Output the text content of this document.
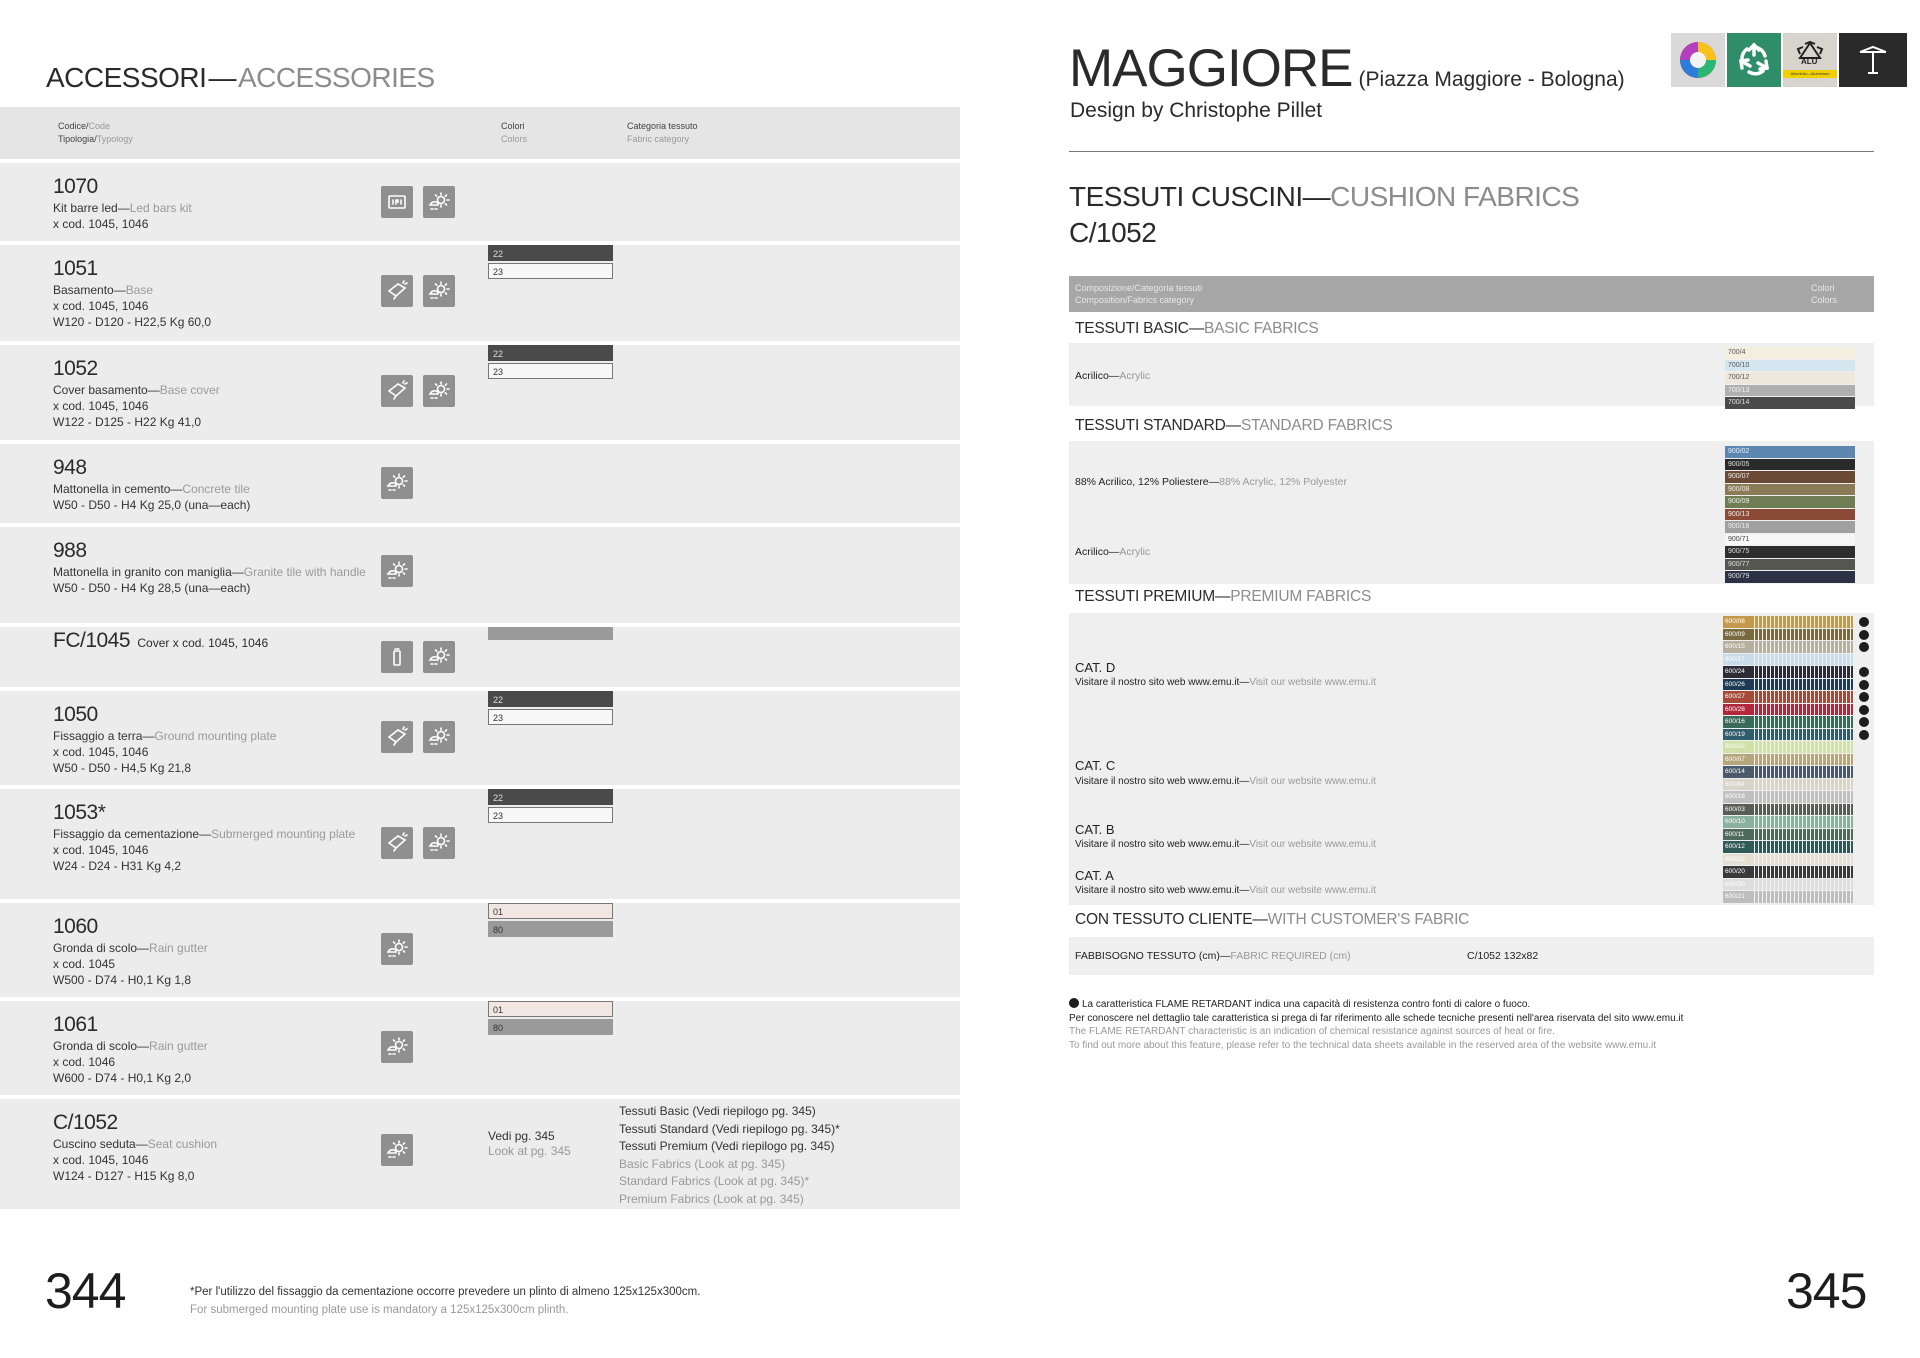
ACCESSORI—ACCESSORIES
Codice/Code
Tipologia/Typology
Colori
Colors
Categoria tessuto
Fabric category
1070
Kit barre led—Led bars kit
x cod. 1045, 1046
1051
Basamento—Base
x cod. 1045, 1046
W120 - D120 - H22,5 Kg 60,0
22
23
1052
Cover basamento—Base cover
x cod. 1045, 1046
W122 - D125 - H22 Kg 41,0
22
23
948
Mattonella in cemento—Concrete tile
W50 - D50 - H4 Kg 25,0 (una—each)
988
Mattonella in granito con maniglia—Granite tile with handle
W50 - D50 - H4 Kg 28,5 (una—each)
FC/1045 Cover x cod. 1045, 1046
1050
Fissaggio a terra—Ground mounting plate
x cod. 1045, 1046
W50 - D50 - H4,5 Kg 21,8
22
23
1053*
Fissaggio da cementazione—Submerged mounting plate
x cod. 1045, 1046
W24 - D24 - H31 Kg 4,2
22
23
1060
Gronda di scolo—Rain gutter
x cod. 1045
W500 - D74 - H0,1 Kg 1,8
01
80
1061
Gronda di scolo—Rain gutter
x cod. 1046
W600 - D74 - H0,1 Kg 2,0
01
80
C/1052
Cuscino seduta—Seat cushion
x cod. 1045, 1046
W124 - D127 - H15 Kg 8,0
Vedi pg. 345
Look at pg. 345
Tessuti Basic (Vedi riepilogo pg. 345)
Tessuti Standard (Vedi riepilogo pg. 345)*
Tessuti Premium (Vedi riepilogo pg. 345)
Basic Fabrics (Look at pg. 345)
Standard Fabrics (Look at pg. 345)*
Premium Fabrics (Look at pg. 345)
344	*Per l'utilizzo del fissaggio da cementazione occorre prevedere un plinto di almeno 125x125x300cm.
For submerged mounting plate use is mandatory a 125x125x300cm plinth.
MAGGIORE (Piazza Maggiore - Bologna)
Design by Christophe Pillet
ALU
Alluminio—Aluminium
TESSUTI CUSCINI—CUSHION FABRICS
C/1052
Composizione/Categoria tessuti
Composition/Fabrics category
Colori
Colors
TESSUTI BASIC—BASIC FABRICS
Acrilico—Acrylic
TESSUTI STANDARD—STANDARD FABRICS
88% Acrilico, 12% Poliestere—88% Acrylic, 12% Polyester
Acrilico—Acrylic
TESSUTI PREMIUM—PREMIUM FABRICS
CAT. D
Visitare il nostro sito web www.emu.it—Visit our website www.emu.it
CAT. C
Visitare il nostro sito web www.emu.it—Visit our website www.emu.it
CAT. B
Visitare il nostro sito web www.emu.it—Visit our website www.emu.it
CAT. A
Visitare il nostro sito web www.emu.it—Visit our website www.emu.it
CON TESSUTO CLIENTE—WITH CUSTOMER'S FABRIC
FABBISOGNO TESSUTO (cm)—FABRIC REQUIRED (cm)	C/1052 132x82
La caratteristica FLAME RETARDANT indica una capacità di resistenza contro fonti di calore o fuoco.
Per conoscere nel dettaglio tale caratteristica si prega di far riferimento alle schede tecniche presenti nell'area riservata del sito www.emu.it
The FLAME RETARDANT characteristic is an indication of chemical resistance against sources of heat or fire.
To find out more about this feature, please refer to the technical data sheets available in the reserved area of the website www.emu.it
345
700/4
700/10
700/12
700/13
700/14
900/02
900/05
900/07
900/08
900/09
900/13
900/18
900/71
900/75
900/77
900/79
600/08
600/09
600/15
600/17
600/24
600/26
600/27
600/28
600/16
600/19
600/02
600/07
600/14
600/04
600/18
600/03
600/10
600/11
600/12
600/22
600/20
600/00
600/21
